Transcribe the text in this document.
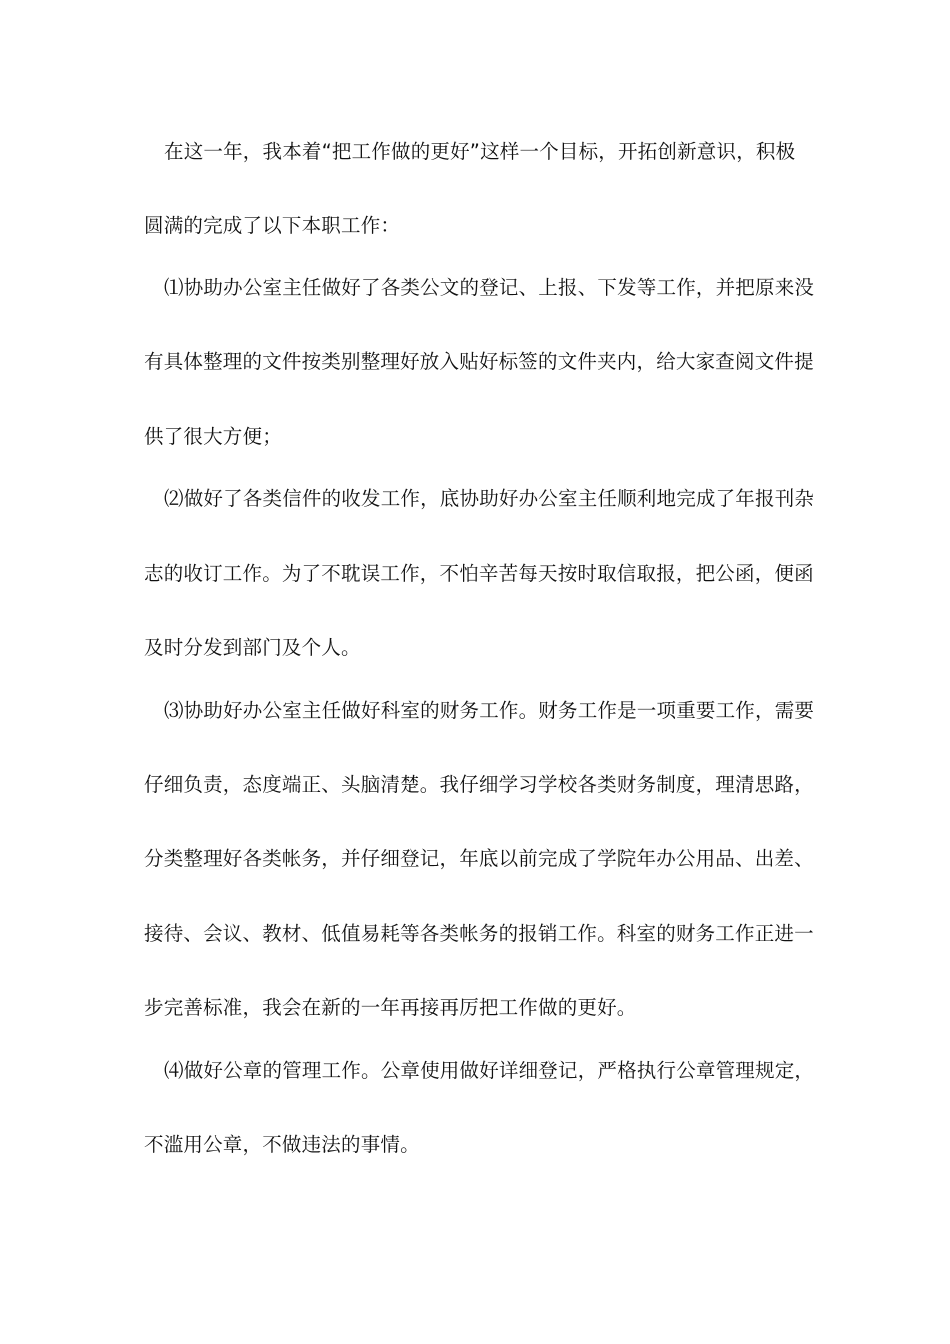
在这一年，我本着“把工作做的更好”这样一个目标，开拓创新意识，积极
圆满的完成了以下本职工作：
⑴协助办公室主任做好了各类公文的登记、上报、下发等工作，并把原来没
有具体整理的文件按类别整理好放入贴好标签的文件夹内，给大家查阅文件提
供了很大方便；
⑵做好了各类信件的收发工作，底协助好办公室主任顺利地完成了年报刊杂
志的收订工作。为了不耽误工作，不怕辛苦每天按时取信取报，把公函，便函
及时分发到部门及个人。
⑶协助好办公室主任做好科室的财务工作。财务工作是一项重要工作，需要
仔细负责，态度端正、头脑清楚。我仔细学习学校各类财务制度，理清思路，
分类整理好各类帐务，并仔细登记，年底以前完成了学院年办公用品、出差、
接待、会议、教材、低值易耗等各类帐务的报销工作。科室的财务工作正进一
步完善标准，我会在新的一年再接再厉把工作做的更好。
⑷做好公章的管理工作。公章使用做好详细登记，严格执行公章管理规定，
不滥用公章，不做违法的事情。
